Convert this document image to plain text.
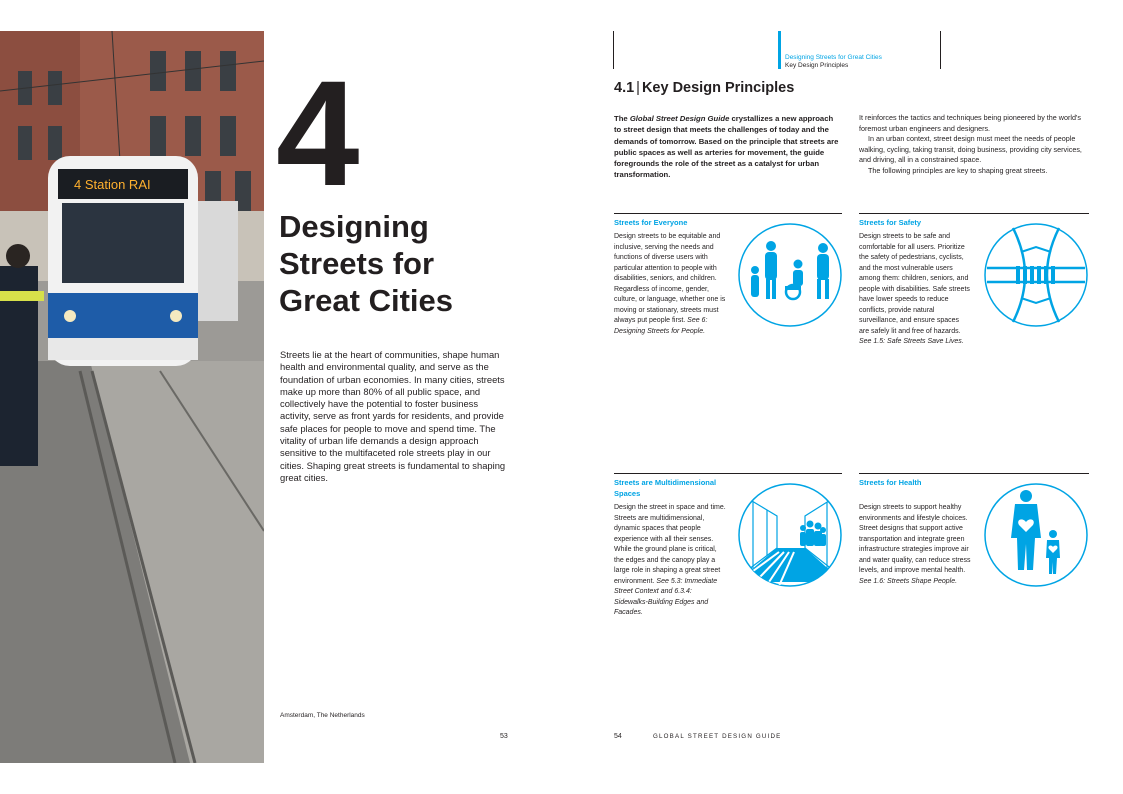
4 Station RAI 4
Designing Streets for Great Cities
Streets lie at the heart of communities, shape human health and environmental quality, and serve as the foundation of urban economies. In many cities, streets make up more than 80% of all public space, and collectively have the potential to foster business activity, serve as front yards for residents, and provide safe places for people to move and spend time. The vitality of urban life demands a design approach sensitive to the multifaceted role streets play in our cities. Shaping great streets is fundamental to shaping great cities.
Amsterdam, The Netherlands
53
Designing Streets for Great Cities
Key Design Principles
4.1 | Key Design Principles
The Global Street Design Guide crystallizes a new approach to street design that meets the challenges of today and the demands of tomorrow. Based on the principle that streets are public spaces as well as arteries for movement, the guide foregrounds the role of the street as a catalyst for urban transformation.

It reinforces the tactics and techniques being pioneered by the world's foremost urban engineers and designers.

In an urban context, street design must meet the needs of people walking, cycling, taking transit, doing business, providing city services, and driving, all in a constrained space.

The following principles are key to shaping great streets.

Streets for Everyone
Design streets to be equitable and inclusive, serving the needs and functions of diverse users with particular attention to people with disabilities, seniors, and children. Regardless of income, gender, culture, or language, whether one is moving or stationary, streets must always put people first. See 6: Designing Streets for People.
Streets for Safety
Design streets to be safe and comfortable for all users. Prioritize the safety of pedestrians, cyclists, and the most vulnerable users among them: children, seniors, and people with disabilities. Safe streets have lower speeds to reduce conflicts, provide natural surveillance, and ensure spaces are safely lit and free of hazards. See 1.5: Safe Streets Save Lives.
Streets are Multidimensional Spaces
Design the street in space and time. Streets are multidimensional, dynamic spaces that people experience with all their senses. While the ground plane is critical, the edges and the canopy play a large role in shaping a great street environment. See 5.3: Immediate Street Context and 6.3.4: Sidewalks-Building Edges and Facades.
Streets for Health
Design streets to support healthy environments and lifestyle choices. Street designs that support active transportation and integrate green infrastructure strategies improve air and water quality, can reduce stress levels, and improve mental health. See 1.6: Streets Shape People.
54	GLOBAL STREET DESIGN GUIDE
